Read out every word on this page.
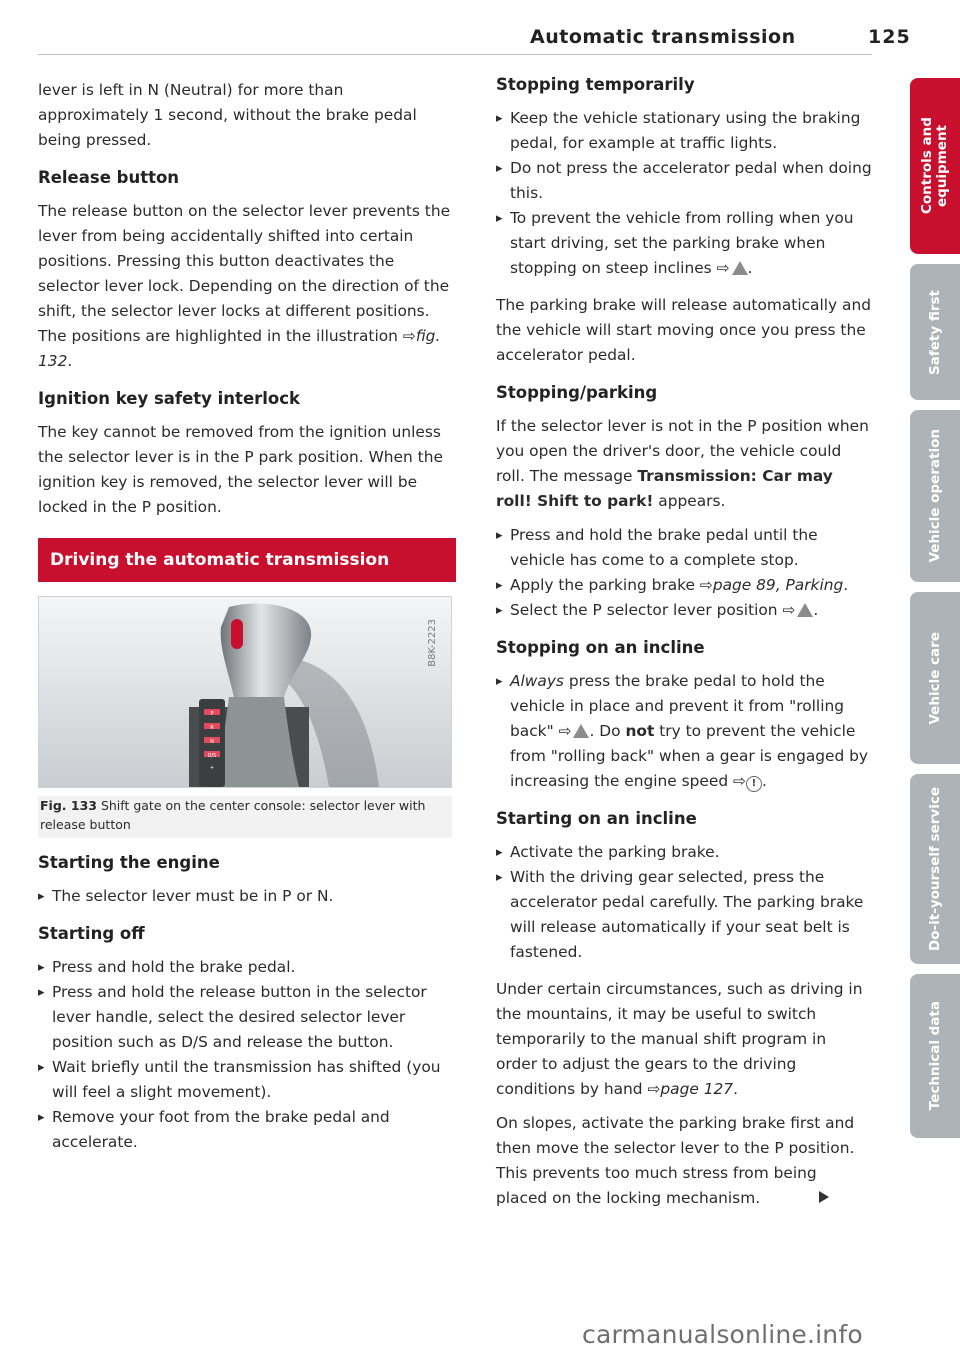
Automatic transmission	125

lever is left in N (Neutral) for more than approximately 1 second, without the brake pedal being pressed.

Release button

The release button on the selector lever prevents the lever from being accidentally shifted into certain positions. Pressing this button deactivates the selector lever lock. Depending on the direction of the shift, the selector lever locks at different positions. The positions are highlighted in the illustration ⇨fig. 132.

Ignition key safety interlock

The key cannot be removed from the ignition unless the selector lever is in the P park position. When the ignition key is removed, the selector lever will be locked in the P position.

Driving the automatic transmission
P
R
N
D/S
+
B8K-2223
Fig. 133 Shift gate on the center console: selector lever with release button
Starting the engine
▸ The selector lever must be in P or N.
Starting off
▸ Press and hold the brake pedal.
▸ Press and hold the release button in the selector lever handle, select the desired selector lever position such as D/S and release the button.
▸ Wait briefly until the transmission has shifted (you will feel a slight movement).
▸ Remove your foot from the brake pedal and accelerate.
Stopping temporarily
▸ Keep the vehicle stationary using the braking pedal, for example at traffic lights.
▸ Do not press the accelerator pedal when doing this.
▸ To prevent the vehicle from rolling when you start driving, set the parking brake when stopping on steep inclines ⇨ .

The parking brake will release automatically and the vehicle will start moving once you press the accelerator pedal.

Stopping/parking

If the selector lever is not in the P position when you open the driver's door, the vehicle could roll. The message Transmission: Car may roll! Shift to park! appears.

▸ Press and hold the brake pedal until the vehicle has come to a complete stop.
▸ Apply the parking brake ⇨page 89, Parking.
▸ Select the P selector lever position ⇨ .
Stopping on an incline
▸ Always press the brake pedal to hold the vehicle in place and prevent it from "rolling back" ⇨ . Do not try to prevent the vehicle from "rolling back" when a gear is engaged by increasing the engine speed ⇨ ! .
Starting on an incline
▸ Activate the parking brake.
▸ With the driving gear selected, press the accelerator pedal carefully. The parking brake will release automatically if your seat belt is fastened.

Under certain circumstances, such as driving in the mountains, it may be useful to switch temporarily to the manual shift program in order to adjust the gears to the driving conditions by hand ⇨page 127.

On slopes, activate the parking brake first and then move the selector lever to the P position. This prevents too much stress from being placed on the locking mechanism.

Controls and equipment
Safety first
Vehicle operation
Vehicle care
Do-it-yourself service
Technical data
carmanualsonline.info
